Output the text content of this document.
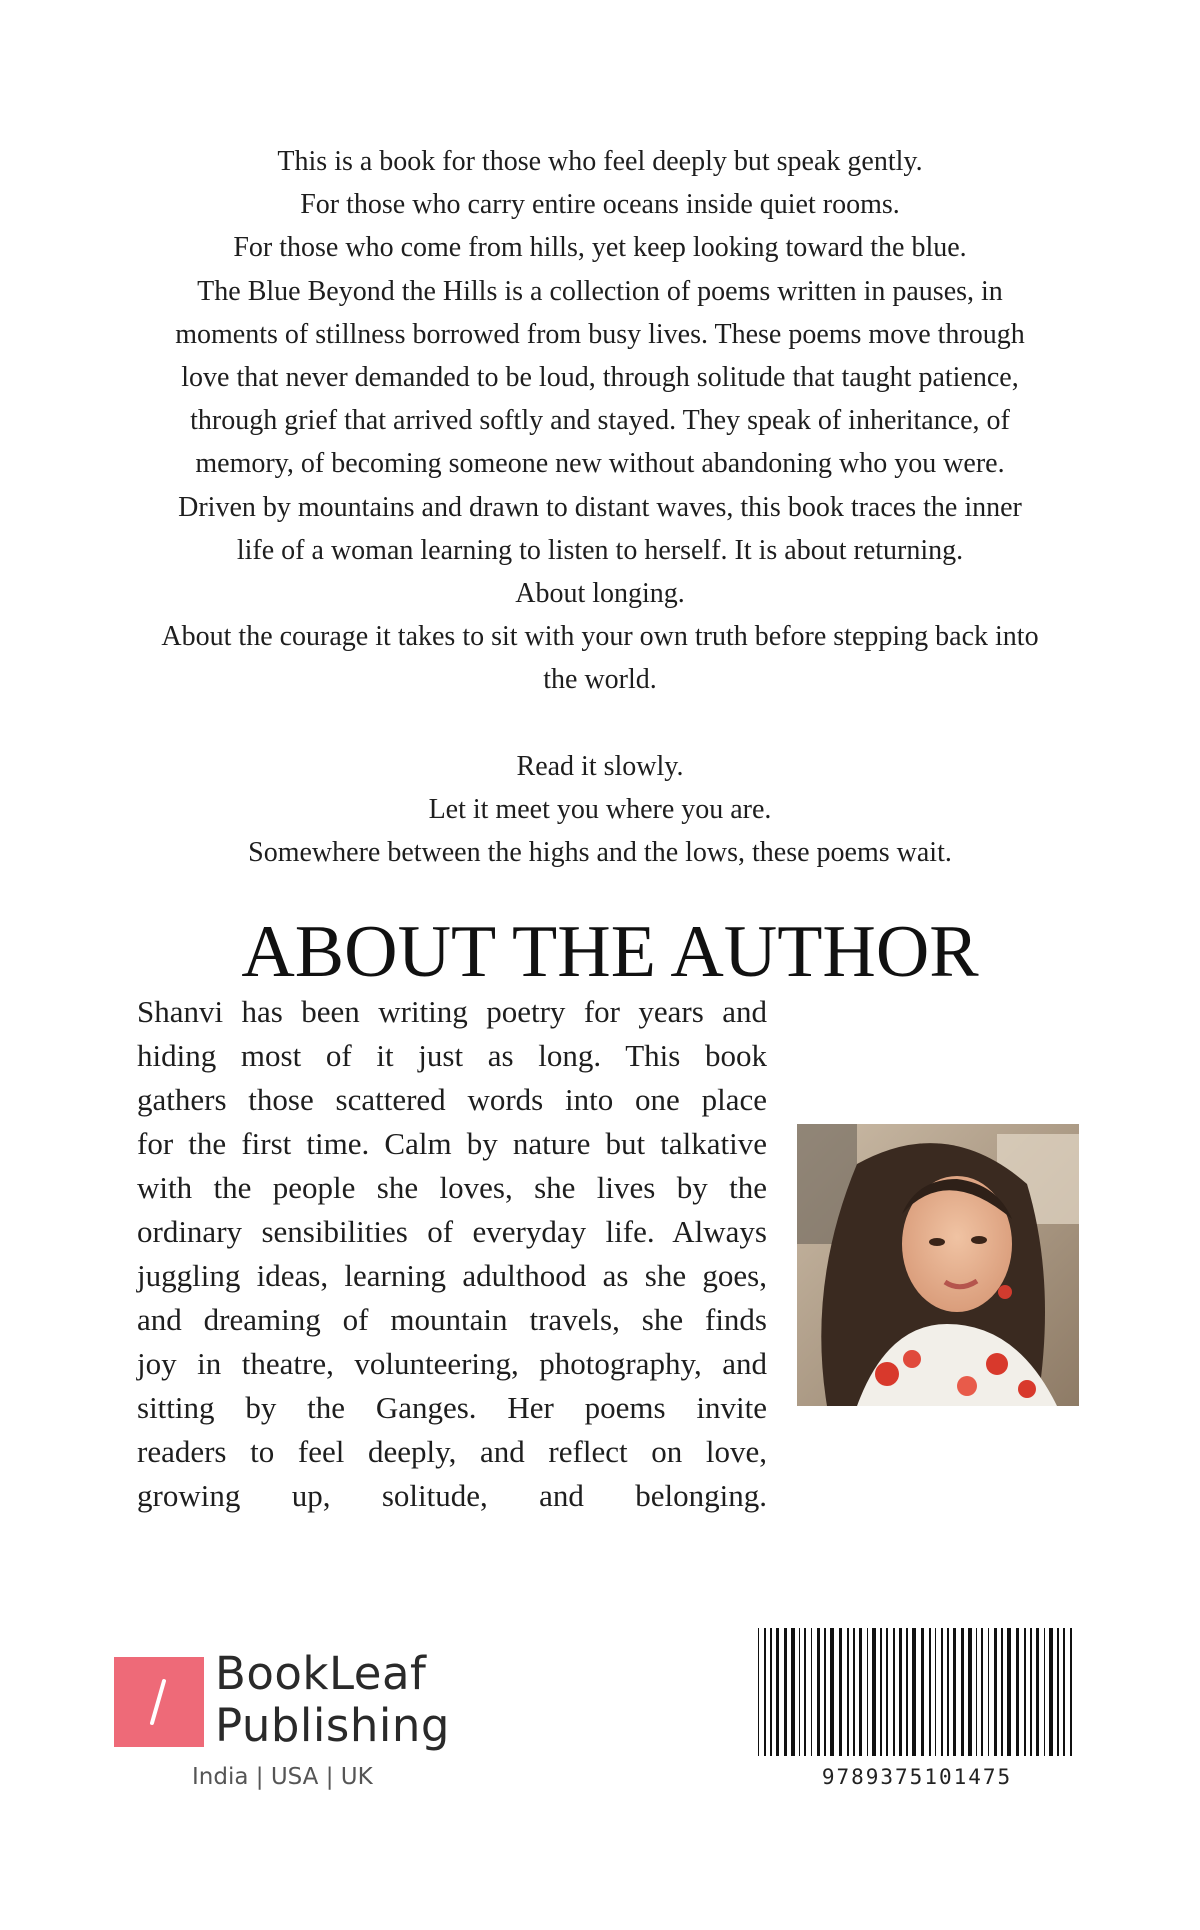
This is a book for those who feel deeply but speak gently.
For those who carry entire oceans inside quiet rooms.
For those who come from hills, yet keep looking toward the blue.
The Blue Beyond the Hills is a collection of poems written in pauses, in
moments of stillness borrowed from busy lives. These poems move through
love that never demanded to be loud, through solitude that taught patience,
through grief that arrived softly and stayed. They speak of inheritance, of
memory, of becoming someone new without abandoning who you were.
Driven by mountains and drawn to distant waves, this book traces the inner
life of a woman learning to listen to herself. It is about returning.
About longing.
About the courage it takes to sit with your own truth before stepping back into
the world.
Read it slowly.
Let it meet you where you are.
Somewhere between the highs and the lows, these poems wait.
ABOUT THE AUTHOR
Shanvi has been writing poetry for years and
hiding most of it just as long. This book
gathers those scattered words into one place
for the first time. Calm by nature but talkative
with the people she loves, she lives by the
ordinary sensibilities of everyday life. Always
juggling ideas, learning adulthood as she goes,
and dreaming of mountain travels, she finds
joy in theatre, volunteering, photography, and
sitting by the Ganges. Her poems invite
readers to feel deeply, and reflect on love,
growing up, solitude, and belonging.
BookLeaf
Publishing
India | USA | UK	9789375101475
